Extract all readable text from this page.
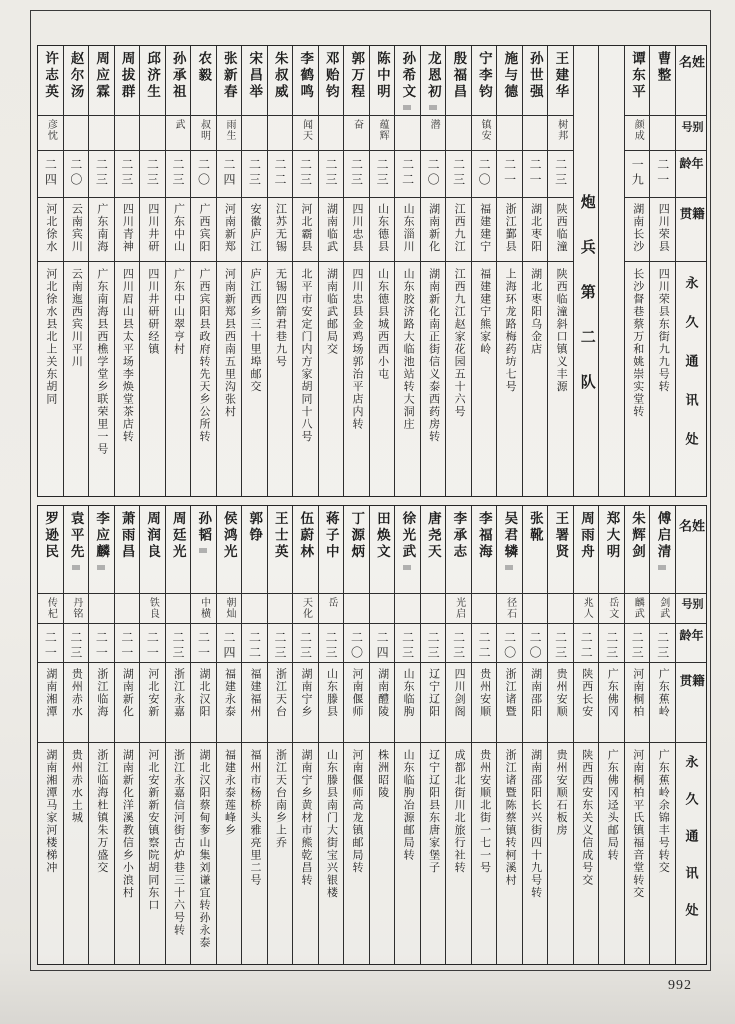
姓名
别号
年龄
籍贯
永久通讯处
曹整
二一
四川荣县
四川荣县东街九九号转
谭东平
颜成
一九
湖南长沙
长沙督巷蔡万和姚崇实堂转
炮兵第二队
王建华
树邦
二三
陕西临潼
陕西临潼斜口镇义丰源
孙世强
二一
湖北枣阳
湖北枣阳乌金店
施与德
二一
浙江鄞县
上海环龙路梅药坊七号
宁李钧
镇安
二〇
福建建宁
福建建宁熊家岭
殷福昌
二三
江西九江
江西九江赵家花园五十六号
龙恩初
潜
二〇
湖南新化
湖南新化南正街信义泰西药房转
孙希文
二二
山东淄川
山东胶济路大临池站转大洞庄
陈中明
蕴辉
二三
山东德县
山东德县城西西小屯
郭万程
奋
二三
四川忠县
四川忠县金鸡场郭治平店内转
邓贻钧
二三
湖南临武
湖南临武邮局交
李鹤鸣
闻天
二三
河北霸县
北平市安定门内方家胡同十八号
朱叔威
二二
江苏无锡
无锡四箭君巷九号
宋昌举
二三
安徽庐江
庐江西乡三十里埠邮交
张新春
雨生
二四
河南新郑
河南新郑县西南五里沟张村
农毅
叔明
二〇
广西宾阳
广西宾阳县政府转先天乡公所转
孙承祖
武
二三
广东中山
广东中山翠亨村
邱济生
二三
四川井研
四川井研研经镇
周拔群
二三
四川青神
四川眉山县太平场李焕堂茶店转
周应霖
二三
广东南海
广东南海县西樵学堂乡联荣里一号
赵尔汤
二〇
云南宾川
云南迤西宾川平川
许志英
彦忱
二四
河北徐水
河北徐水县北上关东胡同
姓名
别号
年龄
籍贯
永久通讯处
傅启清
剑武
二三
广东蕉岭
广东蕉岭余锦丰号转交
朱辉剑
麟武
二三
河南桐柏
河南桐柏平氏镇福音堂转交
郑大明
岳文
二三
广东佛冈
广东佛冈迳头邮局转
周雨舟
兆人
二二
陕西长安
陕西西安东关义信成号交
王署贤
二三
贵州安顺
贵州安顺石板房
张靴
二〇
湖南邵阳
湖南邵阳长兴街四十九号转
吴君辚
径石
二〇
浙江诸暨
浙江诸暨陈蔡镇转柯溪村
李福海
二二
贵州安顺
贵州安顺北街一七一号
李承志
光启
二三
四川剑阁
成都北街川北旅行社转
唐尧天
二三
辽宁辽阳
辽宁辽阳县东唐家堡子
徐光武
二三
山东临朐
山东临朐冶源邮局转
田焕文
二四
湖南醴陵
株洲昭陵
丁源炳
二〇
河南偃师
河南偃师高龙镇邮局转
蒋子中
岳
二三
山东滕县
山东滕县南门大街宝兴银楼
伍蔚林
天化
二三
湖南宁乡
湖南宁乡黄材市熊乾昌转
王士英
二三
浙江天台
浙江天台南乡上乔
郭铮
二二
福建福州
福州市杨桥头雅亮里二号
侯鸿光
朝灿
二四
福建永泰
福建永泰莲峰乡
孙韬
中横
二一
湖北汉阳
湖北汉阳蔡甸奓山集刘谦宜转孙永泰
周廷光
二三
浙江永嘉
浙江永嘉信河街古炉巷三十六号转
周润良
铁良
二一
河北安新
河北安新新安镇察院胡同东口
萧雨昌
二一
湖南新化
湖南新化洋溪教信乡小浪村
李应麟
二一
浙江临海
浙江临海杜镇朱万盛交
袁平先
丹铭
二三
贵州赤水
贵州赤水土城
罗逊民
传杞
二一
湖南湘潭
湖南湘潭马家河楼梯冲
992
